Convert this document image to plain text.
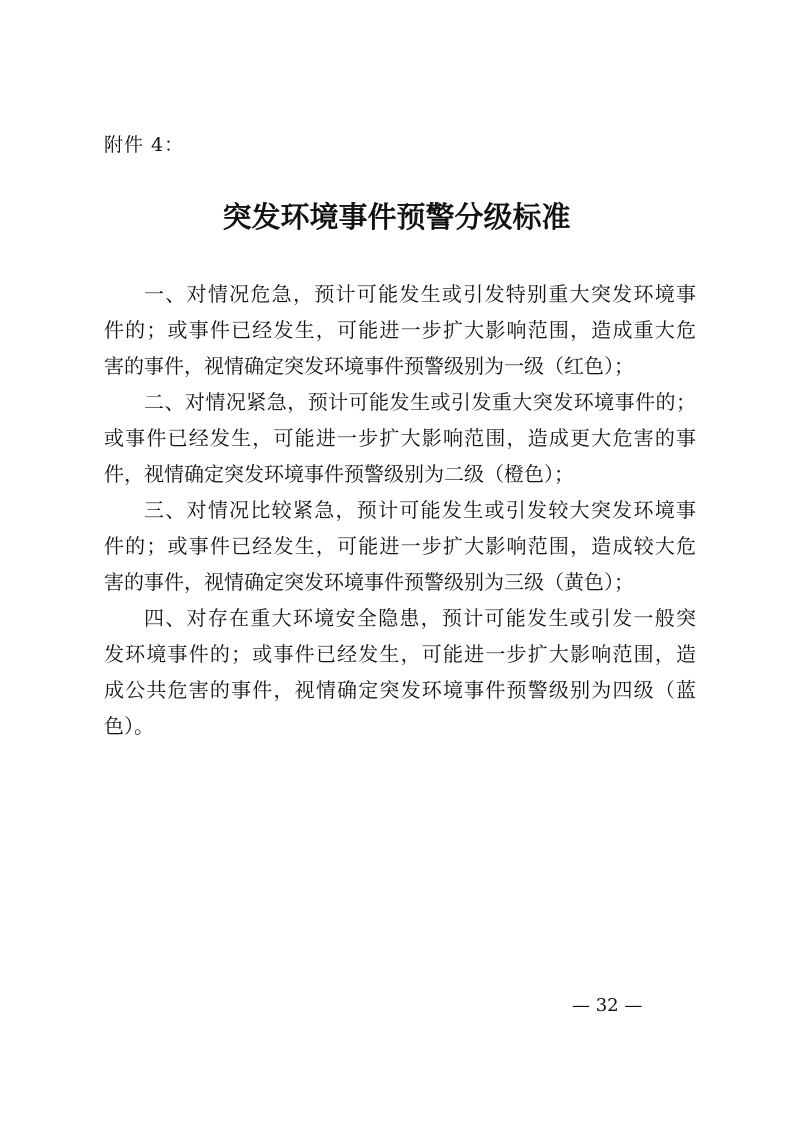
附件 4：
突发环境事件预警分级标准
一、对情况危急，预计可能发生或引发特别重大突发环境事
件的；或事件已经发生，可能进一步扩大影响范围，造成重大危
害的事件，视情确定突发环境事件预警级别为一级（红色）；
二、对情况紧急，预计可能发生或引发重大突发环境事件的；
或事件已经发生，可能进一步扩大影响范围，造成更大危害的事
件，视情确定突发环境事件预警级别为二级（橙色）；
三、对情况比较紧急，预计可能发生或引发较大突发环境事
件的；或事件已经发生，可能进一步扩大影响范围，造成较大危
害的事件，视情确定突发环境事件预警级别为三级（黄色）；
四、对存在重大环境安全隐患，预计可能发生或引发一般突
发环境事件的；或事件已经发生，可能进一步扩大影响范围，造
成公共危害的事件，视情确定突发环境事件预警级别为四级（蓝
色）。
— 32 —
